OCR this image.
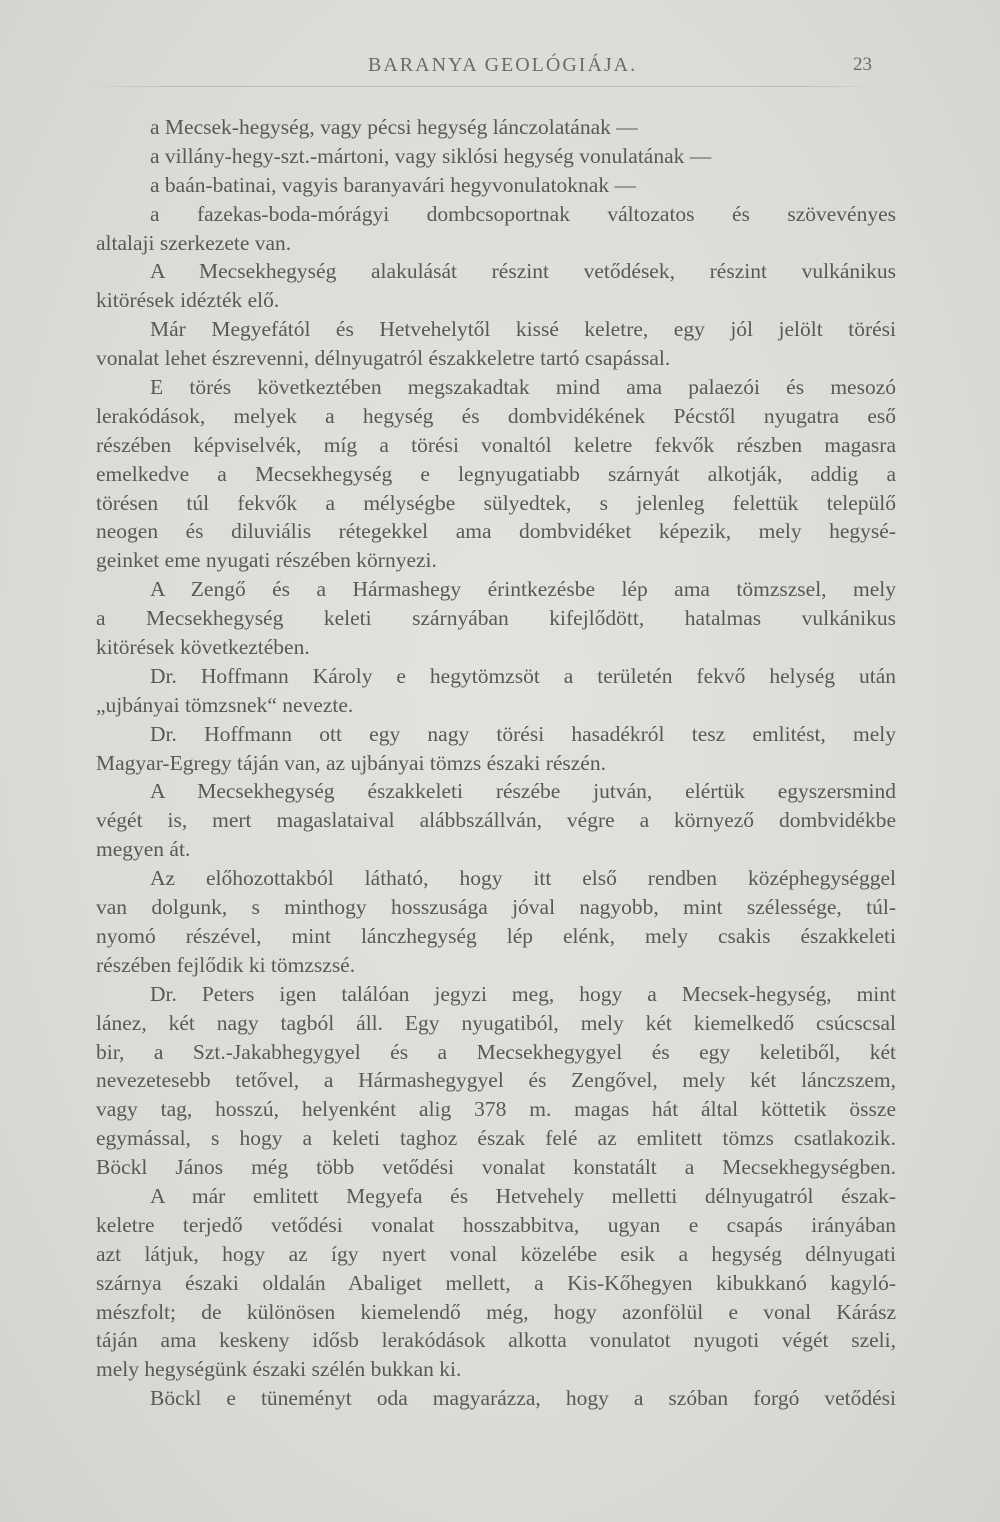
BARANYA GEOLÓGIÁJA.	23
a Mecsek-hegység, vagy pécsi hegység lánczolatának —
a villány-hegy-szt.-mártoni, vagy siklósi hegység vonulatának —
a baán-batinai, vagyis baranyavári hegyvonulatoknak —
a fazekas-boda-mórágyi dombcsoportnak változatos és szövevényes
altalaji szerkezete van.
A Mecsekhegység alakulását részint vetődések, részint vulkánikus
kitörések idézték elő.
Már Megyefától és Hetvehelytől kissé keletre, egy jól jelölt törési
vonalat lehet észrevenni, délnyugatról északkeletre tartó csapással.
E törés következtében megszakadtak mind ama palaezói és mesozó
lerakódások, melyek a hegység és dombvidékének Pécstől nyugatra eső
részében képviselvék, míg a törési vonaltól keletre fekvők részben magasra
emelkedve a Mecsekhegység e legnyugatiabb szárnyát alkotják, addig a
törésen túl fekvők a mélységbe sülyedtek, s jelenleg felettük települő
neogen és diluviális rétegekkel ama dombvidéket képezik, mely hegysé-
geinket eme nyugati részében környezi.
A Zengő és a Hármashegy érintkezésbe lép ama tömzszsel, mely
a Mecsekhegység keleti szárnyában kifejlődött, hatalmas vulkánikus
kitörések következtében.
Dr. Hoffmann Károly e hegytömzsöt a területén fekvő helység után
„ujbányai tömzsnek“ nevezte.
Dr. Hoffmann ott egy nagy törési hasadékról tesz emlitést, mely
Magyar-Egregy táján van, az ujbányai tömzs északi részén.
A Mecsekhegység északkeleti részébe jutván, elértük egyszersmind
végét is, mert magaslataival alábbszállván, végre a környező dombvidékbe
megyen át.
Az előhozottakból látható, hogy itt első rendben középhegységgel
van dolgunk, s minthogy hosszusága jóval nagyobb, mint szélessége, túl-
nyomó részével, mint lánczhegység lép elénk, mely csakis északkeleti
részében fejlődik ki tömzszsé.
Dr. Peters igen találóan jegyzi meg, hogy a Mecsek-hegység, mint
lánez, két nagy tagból áll. Egy nyugatiból, mely két kiemelkedő csúcscsal
bir, a Szt.-Jakabhegygyel és a Mecsekhegygyel és egy keletiből, két
nevezetesebb tetővel, a Hármashegygyel és Zengővel, mely két lánczszem,
vagy tag, hosszú, helyenként alig 378 m. magas hát által köttetik össze
egymással, s hogy a keleti taghoz észak felé az emlitett tömzs csatlakozik.
Böckl János még több vetődési vonalat konstatált a Mecsekhegységben.
A már emlitett Megyefa és Hetvehely melletti délnyugatról észak-
keletre terjedő vetődési vonalat hosszabbitva, ugyan e csapás irányában
azt látjuk, hogy az így nyert vonal közelébe esik a hegység délnyugati
szárnya északi oldalán Abaliget mellett, a Kis-Kőhegyen kibukkanó kagyló-
mészfolt; de különösen kiemelendő még, hogy azonfölül e vonal Kárász
táján ama keskeny idősb lerakódások alkotta vonulatot nyugoti végét szeli,
mely hegységünk északi szélén bukkan ki.
Böckl e tüneményt oda magyarázza, hogy a szóban forgó vetődési
